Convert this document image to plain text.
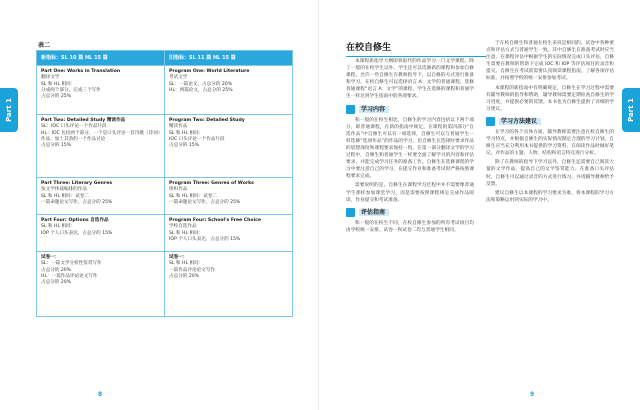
Part 1
表二
新指标：SL 10 篇 HL 15 篇	旧指标：SL 11 篇 HL 15 篇
Part One: Works in Translation
翻译文学
SL 和 HL 相同：
分成两个部分，完成三个写作
占总分的 25%
Program One: World Literature
考试文学
SL：一篇论文，占总分的 20%
HL：两篇论文，占总分的 25%
Part Two: Detailed Study 精读作品
SL：IOC 口头评论一个作品片段
HL：IOC 包括两个部分，一个是口头评论一首诗歌（诗词）作品，加上其余的一个作品讨论
占总分的 15%
Program Two: Detailed Study
精读作品
SL 和 HL 相同：
IOC 口头评论一个作品片段
占总分的 15%
Part Three: Literary Genres
按文学体裁编排的作品
SL 和 HL 相同：试卷二
一篇命题论文写作，占总分的 25%
Program Three: Genres of Works
组织作品
SL 和 HL 相同：试卷二
一篇命题论文写作，占总分的 25%
Part Four: Options 自选作品
SL 和 HL 相同：
IOP 个人口头表达，占总分的 15%
Program Four: School's Free Choice
学校自选作品
SL 和 HL 相同：
IOP 个人口头表达，占总分的 15%
试卷一：
SL：一篇文学分析性鉴赏写作
占总分的 20%
HL：一篇作品评论论文写作
占总分的 20%
试卷一：
SL 和 HL 相同：
一篇作品评论论文写作
占总分的 20%
8
Part 1
在校自修生

本课程新指导大纲即将取代的作品学习一门文学课程。除了一般的在校学生以外，学生还可以选修新的课程和参加自修课程。允许一些自修生在教师指导下，以自修的方式进行准备和学习。在校自修生可以选择语言 A：文学的普通课程，选修普通课程“语言 A：文学”的课程，学生在选修的课程和普通学生一样达到学生指南中的各项要求。

学习内容

和一般的在校生相比，自修生的学习内容包括以下两个部分，即普通课程，在新的指南中规定，在课程的第四部分“自选作品”中自修生可以有一项选择，自修生可以与普通学生一样选修“选项作品”的作品的学习，但自修生在选择时要求作品的思想深度和课程要求保持一致。在第一部分翻译文学的学习过程中，自修生和普通学生一样要全面了解学习的内容和评估要求，并能完成学习任务的准备工作。自修生在选修课程的学习中要注意自己的学习，在提交作业和准备考试时严格按照课程要求完成。

需要说明的是，自修生在课程学习过程中并不需要像普通学生那样参加课堂学习，而是需要按照课程规定完成作品阅读、作业提交和考试准备。

评估指南

和一般的在校生不同，在校自修生参加的所有考试项目均由学校统一安排。试卷一和试卷二均与普通学生相同。

于在校自修生和普通在校生来说是相同的。试卷中各种要点和评估方式与普通学生一致，其中自修生在准备考试时应当注意，在课程评估中根据学生的实际情况完成口头评估，自修生需要在教师的帮助下完成 IOC 和 IOP 等评估项目的录音和提交。自修生在考试前需要认真阅读课程指南，了解各项评估标准，并按照学校的统一安排参加考试。

本课程的新指南中有明确规定，自修生在学习过程中需要有辅导教师的指导和帮助，辅导教师需要定期检查自修生的学习进度，并提供必要的反馈。本书也为自修生提供了详细的学习建议。

学习方法建议

在学习的各个具体方面，辅导教师需要注意在校自修生的学习特点，并根据自修生的实际情况制定合理的学习计划。自修生应当充分利用本书提供的学习资料，在阅读作品时做好笔记，对作品的主题、人物、结构和语言特点进行分析。

除了在教师的指导下学习以外，自修生还需要自己阅读大量的文学作品，提高自己的文学鉴赏能力。在准备口头评估时，自修生可以通过录音的方式进行练习，并请辅导教师给予反馈。

建议自修生以本课程的学习要求为准，将本课程的学习方法和策略运用到实际的学习中。

9
